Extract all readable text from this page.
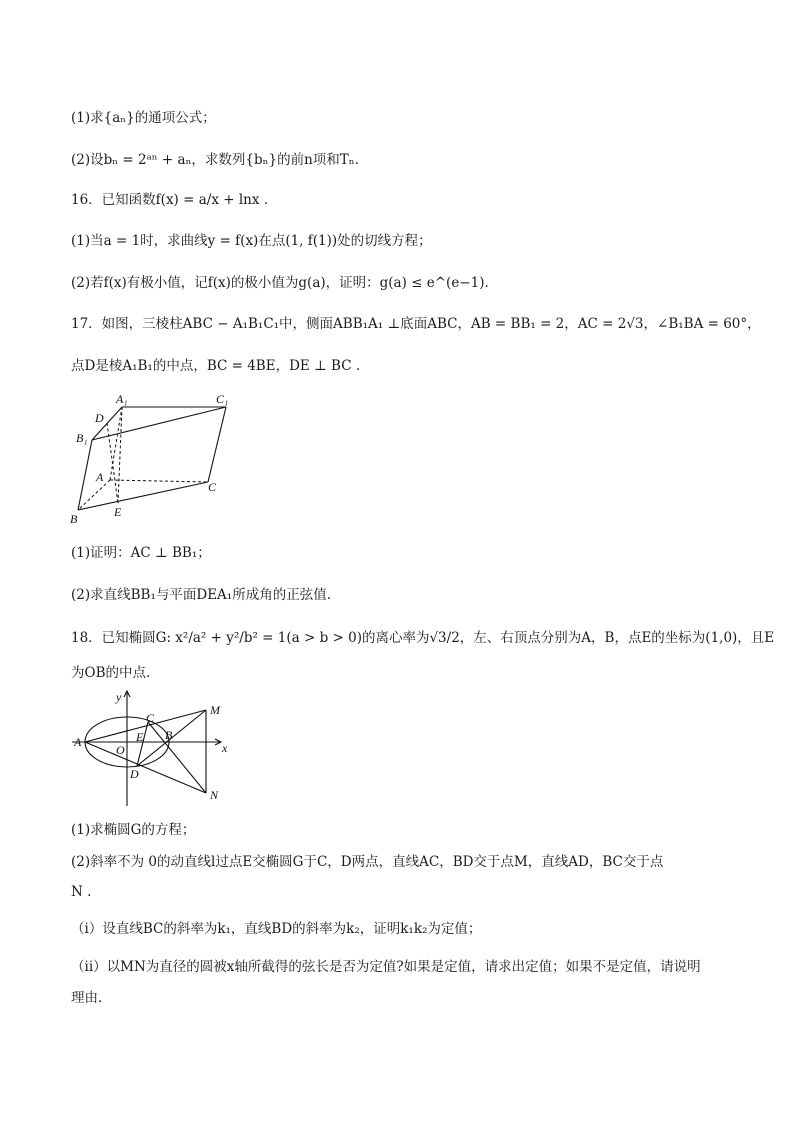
(1)求{aₙ}的通项公式；
(2)设bₙ = 2ᵃⁿ + aₙ，求数列{bₙ}的前n项和Tₙ.
16．已知函数f(x) = a/x + lnx .
(1)当a = 1时，求曲线y = f(x)在点(1, f(1))处的切线方程；
(2)若f(x)有极小值，记f(x)的极小值为g(a)，证明：g(a) ≤ e^(e−1).
17．如图，三棱柱ABC − A₁B₁C₁中，侧面ABB₁A₁ ⊥底面ABC，AB = BB₁ = 2，AC = 2√3，∠B₁BA = 60°，
点D是棱A₁B₁的中点，BC = 4BE，DE ⊥ BC .
A₁	C₁
D
B₁
A
C
B	E
(1)证明：AC ⊥ BB₁；
(2)求直线BB₁与平面DEA₁所成角的正弦值.
18．已知椭圆G: x²/a² + y²/b² = 1(a > b > 0)的离心率为√3/2，左、右顶点分别为A，B，点E的坐标为(1,0)，且E
为OB的中点.
y
x
O
A	B
C
E
D
M
N
(1)求椭圆G的方程；
(2)斜率不为 0的动直线l过点E交椭圆G于C，D两点，直线AC，BD交于点M，直线AD，BC交于点
N .
（i）设直线BC的斜率为k₁，直线BD的斜率为k₂，证明k₁k₂为定值；
（ii）以MN为直径的圆被x轴所截得的弦长是否为定值?如果是定值，请求出定值；如果不是定值，请说明
理由.
